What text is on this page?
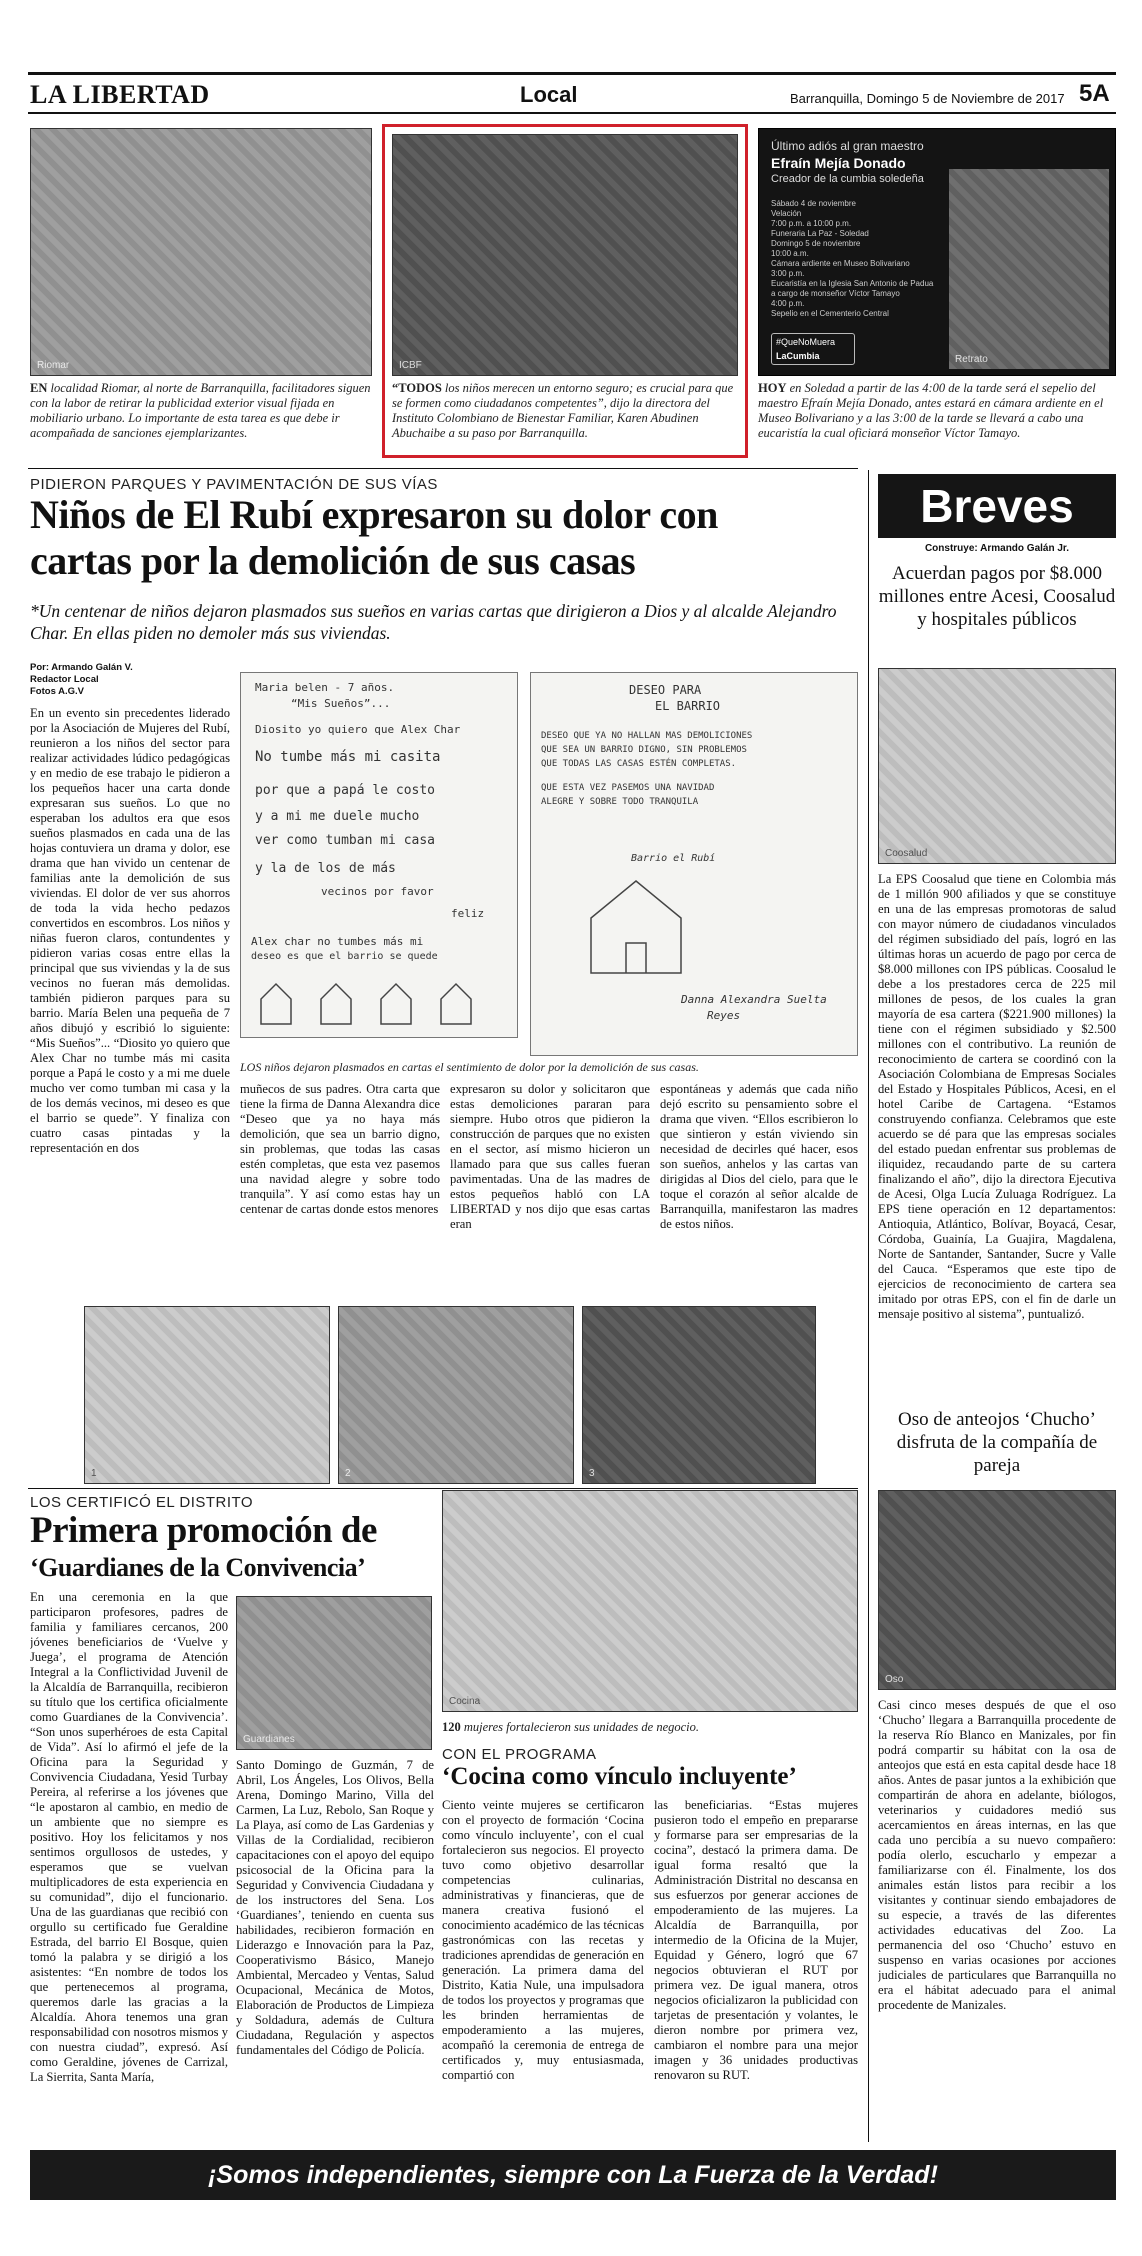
LA LIBERTAD	Local	Barranquilla, Domingo 5 de Noviembre de 2017 5A
Riomar
EN localidad Riomar, al norte de Barranquilla, facilitadores siguen con la labor de retirar la publicidad exterior visual fijada en mobiliario urbano. Lo importante de esta tarea es que debe ir acompañada de sanciones ejemplarizantes.
ICBF
“TODOS los niños merecen un entorno seguro; es crucial para que se formen como ciudadanos competentes”, dijo la directora del Instituto Colombiano de Bienestar Familiar, Karen Abudinen Abuchaibe a su paso por Barranquilla.
Último adiós al gran maestro
Efraín Mejía Donado
Creador de la cumbia soledeña
Sábado 4 de noviembre
Velación
7:00 p.m. a 10:00 p.m.
Funeraria La Paz - Soledad
Domingo 5 de noviembre
10:00 a.m.
Cámara ardiente en Museo Bolivariano
3:00 p.m.
Eucaristía en la Iglesia San Antonio de Padua
a cargo de monseñor Víctor Tamayo
4:00 p.m.
Sepelio en el Cementerio Central
Retrato
#QueNoMuera
LaCumbia
HOY en Soledad a partir de las 4:00 de la tarde será el sepelio del maestro Efraín Mejía Donado, antes estará en cámara ardiente en el Museo Bolivariano y a las 3:00 de la tarde se llevará a cabo una eucaristía la cual oficiará monseñor Víctor Tamayo.
PIDIERON PARQUES Y PAVIMENTACIÓN DE SUS VÍAS
Niños de El Rubí expresaron su dolor con
cartas por la demolición de sus casas
*Un centenar de niños dejaron plasmados sus sueños en varias cartas que dirigieron a Dios y al alcalde Alejandro Char. En ellas piden no demoler más sus viviendas.
Por: Armando Galán V.
Redactor Local
Fotos A.G.V
En un evento sin precedentes liderado por la Asociación de Mujeres del Rubí, reunieron a los niños del sector para realizar actividades lúdico pedagógicas y en medio de ese trabajo le pidieron a los pequeños hacer una carta donde expresaran sus sueños. Lo que no esperaban los adultos era que esos sueños plasmados en cada una de las hojas contuviera un drama y dolor, ese drama que han vivido un centenar de familias ante la demolición de sus viviendas. El dolor de ver sus ahorros de toda la vida hecho pedazos convertidos en escombros. Los niños y niñas fueron claros, contundentes y pidieron varias cosas entre ellas la principal que sus viviendas y la de sus vecinos no fueran más demolidas. también pidieron parques para su barrio. María Belen una pequeña de 7 años dibujó y escribió lo siguiente: “Mis Sueños”... “Diosito yo quiero que Alex Char no tumbe más mi casita porque a Papá le costo y a mi me duele mucho ver como tumban mi casa y la de los demás vecinos, mi deseo es que el barrio se quede”. Y finaliza con cuatro casas pintadas y la representación en dos
Maria belen - 7 años.
“Mis Sueños”...
Diosito yo quiero que Alex Char
No tumbe más mi casita
por que a papá le costo
y a mi me duele mucho
ver como tumban mi casa
y la de los de más
vecinos por favor
feliz
Alex char no tumbes más mi
deseo es que el barrio se quede
DESEO PARA
EL BARRIO
DESEO QUE YA NO HALLAN MAS DEMOLICIONES
QUE SEA UN BARRIO DIGNO, SIN PROBLEMOS
QUE TODAS LAS CASAS ESTÉN COMPLETAS.
QUE ESTA VEZ PASEMOS UNA NAVIDAD
ALEGRE Y SOBRE TODO TRANQUILA
Barrio el Rubí
Danna Alexandra Suelta
Reyes
LOS niños dejaron plasmados en cartas el sentimiento de dolor por la demolición de sus casas.
muñecos de sus padres. Otra carta que tiene la firma de Danna Alexandra dice “Deseo que ya no haya más demolición, que sea un barrio digno, sin problemas, que todas las casas estén completas, que esta vez pasemos una navidad alegre y sobre todo tranquila”. Y así como estas hay un centenar de cartas donde estos menores
expresaron su dolor y solicitaron que estas demoliciones pararan para siempre. Hubo otros que pidieron la construcción de parques que no existen en el sector, así mismo hicieron un llamado para que sus calles fueran pavimentadas. Una de las madres de estos pequeños habló con LA LIBERTAD y nos dijo que esas cartas eran
espontáneas y además que cada niño dejó escrito su pensamiento sobre el drama que viven. “Ellos escribieron lo que sintieron y están viviendo sin necesidad de decirles qué hacer, esos son sueños, anhelos y las cartas van dirigidas al Dios del cielo, para que le toque el corazón al señor alcalde de Barranquilla, manifestaron las madres de estos niños.
1	2	3
LOS CERTIFICÓ EL DISTRITO
Primera promoción de
‘Guardianes de la Convivencia’
Guardianes
En una ceremonia en la que participaron profesores, padres de familia y familiares cercanos, 200 jóvenes beneficiarios de ‘Vuelve y Juega’, el programa de Atención Integral a la Conflictividad Juvenil de la Alcaldía de Barranquilla, recibieron su título que los certifica oficialmente como Guardianes de la Convivencia’. “Son unos superhéroes de esta Capital de Vida”. Así lo afirmó el jefe de la Oficina para la Seguridad y Convivencia Ciudadana, Yesid Turbay Pereira, al referirse a los jóvenes que “le apostaron al cambio, en medio de un ambiente que no siempre es positivo. Hoy los felicitamos y nos sentimos orgullosos de ustedes, y esperamos que se vuelvan multiplicadores de esta experiencia en su comunidad”, dijo el funcionario. Una de las guardianas que recibió con orgullo su certificado fue Geraldine Estrada, del barrio El Bosque, quien tomó la palabra y se dirigió a los asistentes: “En nombre de todos los que pertenecemos al programa, queremos darle las gracias a la Alcaldía. Ahora tenemos una gran responsabilidad con nosotros mismos y con nuestra ciudad”, expresó. Así como Geraldine, jóvenes de Carrizal, La Sierrita, Santa María,
Santo Domingo de Guzmán, 7 de Abril, Los Ángeles, Los Olivos, Bella Arena, Domingo Marino, Villa del Carmen, La Luz, Rebolo, San Roque y La Playa, así como de Las Gardenias y Villas de la Cordialidad, recibieron capacitaciones con el apoyo del equipo psicosocial de la Oficina para la Seguridad y Convivencia Ciudadana y de los instructores del Sena. Los ‘Guardianes’, teniendo en cuenta sus habilidades, recibieron formación en Liderazgo e Innovación para la Paz, Cooperativismo Básico, Manejo Ambiental, Mercadeo y Ventas, Salud Ocupacional, Mecánica de Motos, Elaboración de Productos de Limpieza y Soldadura, además de Cultura Ciudadana, Regulación y aspectos fundamentales del Código de Policía.
Cocina
120 mujeres fortalecieron sus unidades de negocio.
CON EL PROGRAMA
‘Cocina como vínculo incluyente’
Ciento veinte mujeres se certificaron con el proyecto de formación ‘Cocina como vínculo incluyente’, con el cual fortalecieron sus negocios. El proyecto tuvo como objetivo desarrollar competencias culinarias, administrativas y financieras, que de manera creativa fusionó el conocimiento académico de las técnicas gastronómicas con las recetas y tradiciones aprendidas de generación en generación. La primera dama del Distrito, Katia Nule, una impulsadora de todos los proyectos y programas que les brinden herramientas de empoderamiento a las mujeres, acompañó la ceremonia de entrega de certificados y, muy entusiasmada, compartió con
las beneficiarias. “Estas mujeres pusieron todo el empeño en prepararse y formarse para ser empresarias de la cocina”, destacó la primera dama. De igual forma resaltó que la Administración Distrital no descansa en sus esfuerzos por generar acciones de empoderamiento de las mujeres. La Alcaldía de Barranquilla, por intermedio de la Oficina de la Mujer, Equidad y Género, logró que 67 negocios obtuvieran el RUT por primera vez. De igual manera, otros negocios oficializaron la publicidad con tarjetas de presentación y volantes, le dieron nombre por primera vez, cambiaron el nombre para una mejor imagen y 36 unidades productivas renovaron su RUT.
Breves
Construye: Armando Galán Jr.
Acuerdan pagos por $8.000 millones entre Acesi, Coosalud y hospitales públicos
Coosalud
La EPS Coosalud que tiene en Colombia más de 1 millón 900 afiliados y que se constituye en una de las empresas promotoras de salud con mayor número de ciudadanos vinculados del régimen subsidiado del país, logró en las últimas horas un acuerdo de pago por cerca de $8.000 millones con IPS públicas. Coosalud le debe a los prestadores cerca de 225 mil millones de pesos, de los cuales la gran mayoría de esa cartera ($221.900 millones) la tiene con el régimen subsidiado y $2.500 millones con el contributivo. La reunión de reconocimiento de cartera se coordinó con la Asociación Colombiana de Empresas Sociales del Estado y Hospitales Públicos, Acesi, en el hotel Caribe de Cartagena. “Estamos construyendo confianza. Celebramos que este acuerdo se dé para que las empresas sociales del estado puedan enfrentar sus problemas de iliquidez, recaudando parte de su cartera finalizando el año”, dijo la directora Ejecutiva de Acesi, Olga Lucía Zuluaga Rodríguez. La EPS tiene operación en 12 departamentos: Antioquia, Atlántico, Bolívar, Boyacá, Cesar, Córdoba, Guainía, La Guajira, Magdalena, Norte de Santander, Santander, Sucre y Valle del Cauca. “Esperamos que este tipo de ejercicios de reconocimiento de cartera sea imitado por otras EPS, con el fin de darle un mensaje positivo al sistema”, puntualizó.
Oso de anteojos ‘Chucho’ disfruta de la compañía de pareja
Oso
Casi cinco meses después de que el oso ‘Chucho’ llegara a Barranquilla procedente de la reserva Río Blanco en Manizales, por fin podrá compartir su hábitat con la osa de anteojos que está en esta capital desde hace 18 años. Antes de pasar juntos a la exhibición que compartirán de ahora en adelante, biólogos, veterinarios y cuidadores medió sus acercamientos en áreas internas, en las que cada uno percibía a su nuevo compañero: podía olerlo, escucharlo y empezar a familiarizarse con él. Finalmente, los dos animales están listos para recibir a los visitantes y continuar siendo embajadores de su especie, a través de las diferentes actividades educativas del Zoo. La permanencia del oso ‘Chucho’ estuvo en suspenso en varias ocasiones por acciones judiciales de particulares que Barranquilla no era el hábitat adecuado para el animal procedente de Manizales.
¡Somos independientes, siempre con La Fuerza de la Verdad!
